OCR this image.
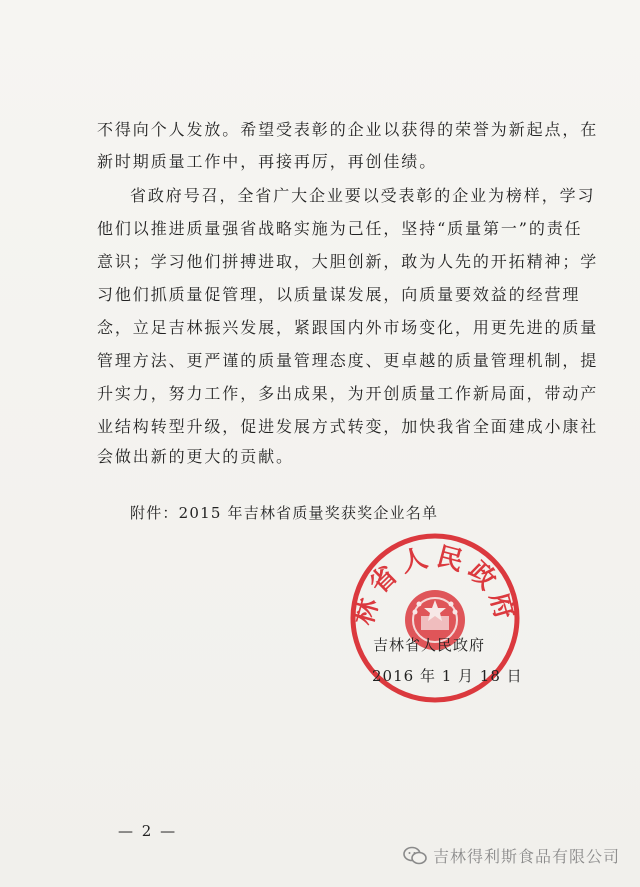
不得向个人发放。希望受表彰的企业以获得的荣誉为新起点，在
新时期质量工作中，再接再厉，再创佳绩。
省政府号召，全省广大企业要以受表彰的企业为榜样，学习
他们以推进质量强省战略实施为己任，坚持“质量第一”的责任
意识；学习他们拼搏进取，大胆创新，敢为人先的开拓精神；学
习他们抓质量促管理，以质量谋发展，向质量要效益的经营理
念，立足吉林振兴发展，紧跟国内外市场变化，用更先进的质量
管理方法、更严谨的质量管理态度、更卓越的质量管理机制，提
升实力，努力工作，多出成果，为开创质量工作新局面，带动产
业结构转型升级，促进发展方式转变，加快我省全面建成小康社
会做出新的更大的贡献。
附件：2015 年吉林省质量奖获奖企业名单
林省人民政府
吉林省人民政府
2016 年 1 月 18 日
— 2 —
吉林得利斯食品有限公司
